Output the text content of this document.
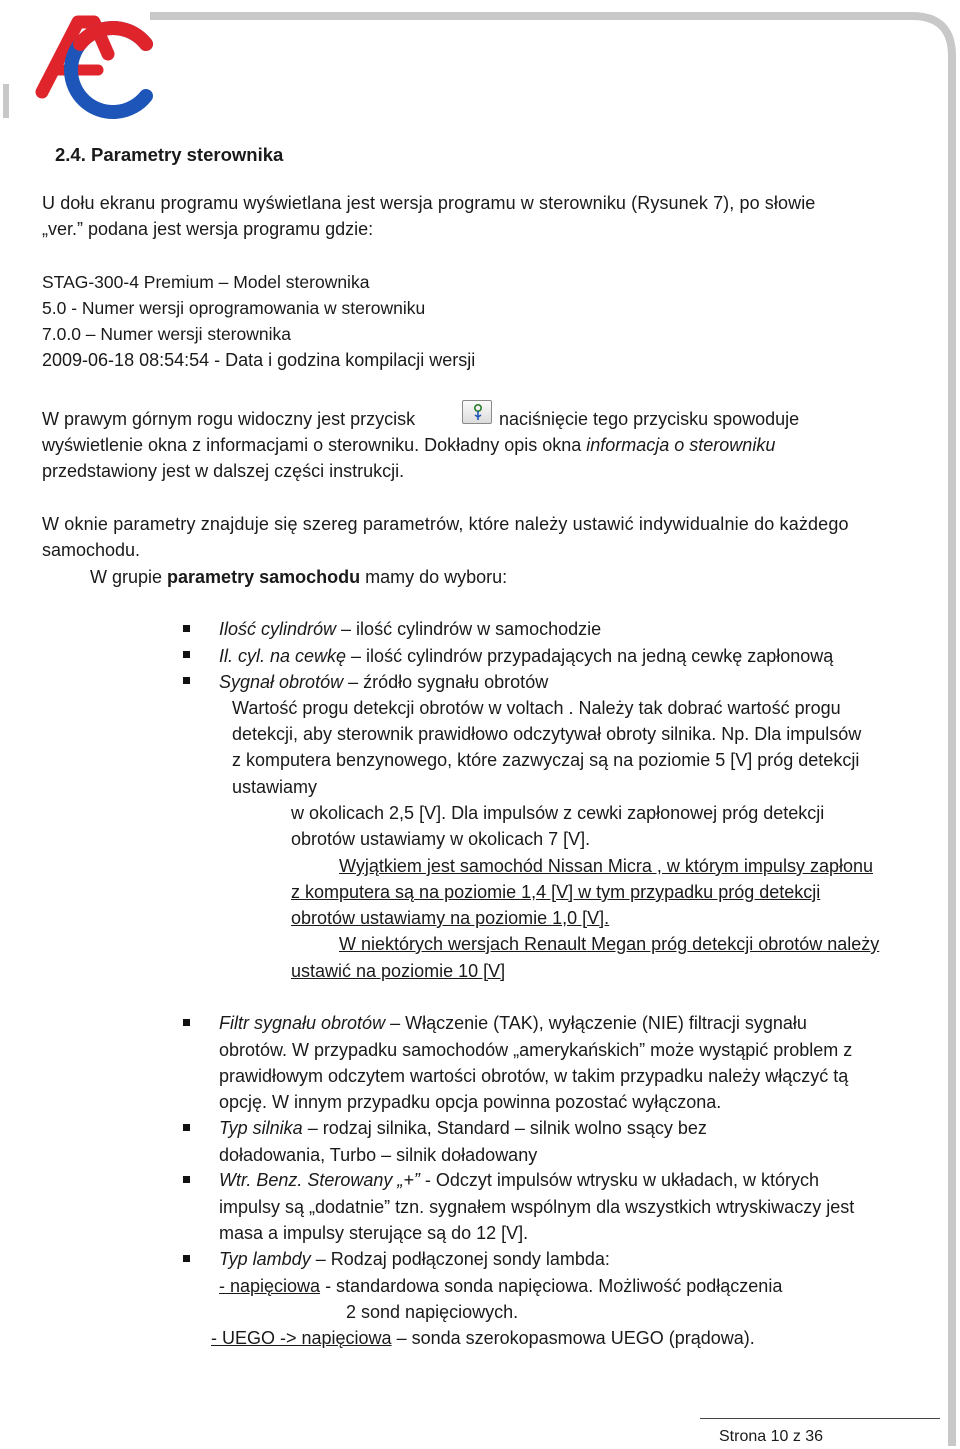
2.4. Parametry sterownika
U dołu ekranu programu wyświetlana jest wersja programu w sterowniku (Rysunek 7), po słowie
„ver.” podana jest wersja programu gdzie:
STAG-300-4 Premium – Model sterownika
5.0 - Numer wersji oprogramowania w sterowniku
7.0.0 – Numer wersji sterownika
2009-06-18 08:54:54 - Data i godzina kompilacji wersji
W prawym górnym rogu widoczny jest przycisk	naciśnięcie tego przycisku spowoduje
wyświetlenie okna z informacjami o sterowniku. Dokładny opis okna informacja o sterowniku
przedstawiony jest w dalszej części instrukcji.
W oknie parametry znajduje się szereg parametrów, które należy ustawić indywidualnie do każdego
samochodu.
W grupie parametry samochodu mamy do wyboru:
Ilość cylindrów – ilość cylindrów w samochodzie
Il. cyl. na cewkę – ilość cylindrów przypadających na jedną cewkę zapłonową
Sygnał obrotów – źródło sygnału obrotów
Wartość progu detekcji obrotów w voltach . Należy tak dobrać wartość progu
detekcji, aby sterownik prawidłowo odczytywał obroty silnika. Np. Dla impulsów
z komputera benzynowego, które zazwyczaj są na poziomie 5 [V] próg detekcji
ustawiamy
w okolicach 2,5 [V]. Dla impulsów z cewki zapłonowej próg detekcji
obrotów ustawiamy w okolicach 7 [V].
Wyjątkiem jest samochód Nissan Micra , w którym impulsy zapłonu
z komputera są na poziomie 1,4 [V] w tym przypadku próg detekcji
obrotów ustawiamy na poziomie 1,0 [V].
W niektórych wersjach Renault Megan próg detekcji obrotów należy
ustawić na poziomie 10 [V]
Filtr sygnału obrotów – Włączenie (TAK), wyłączenie (NIE) filtracji sygnału
obrotów. W przypadku samochodów „amerykańskich” może wystąpić problem z
prawidłowym odczytem wartości obrotów, w takim przypadku należy włączyć tą
opcję. W innym przypadku opcja powinna pozostać wyłączona.
Typ silnika – rodzaj silnika, Standard – silnik wolno ssący bez
doładowania, Turbo – silnik doładowany
Wtr. Benz. Sterowany „+” - Odczyt impulsów wtrysku w układach, w których
impulsy są „dodatnie” tzn. sygnałem wspólnym dla wszystkich wtryskiwaczy jest
masa a impulsy sterujące są do 12 [V].
Typ lambdy – Rodzaj podłączonej sondy lambda:
- napięciowa - standardowa sonda napięciowa. Możliwość podłączenia
2 sond napięciowych.
- UEGO -> napięciowa – sonda szerokopasmowa UEGO (prądowa).
Strona 10 z 36
